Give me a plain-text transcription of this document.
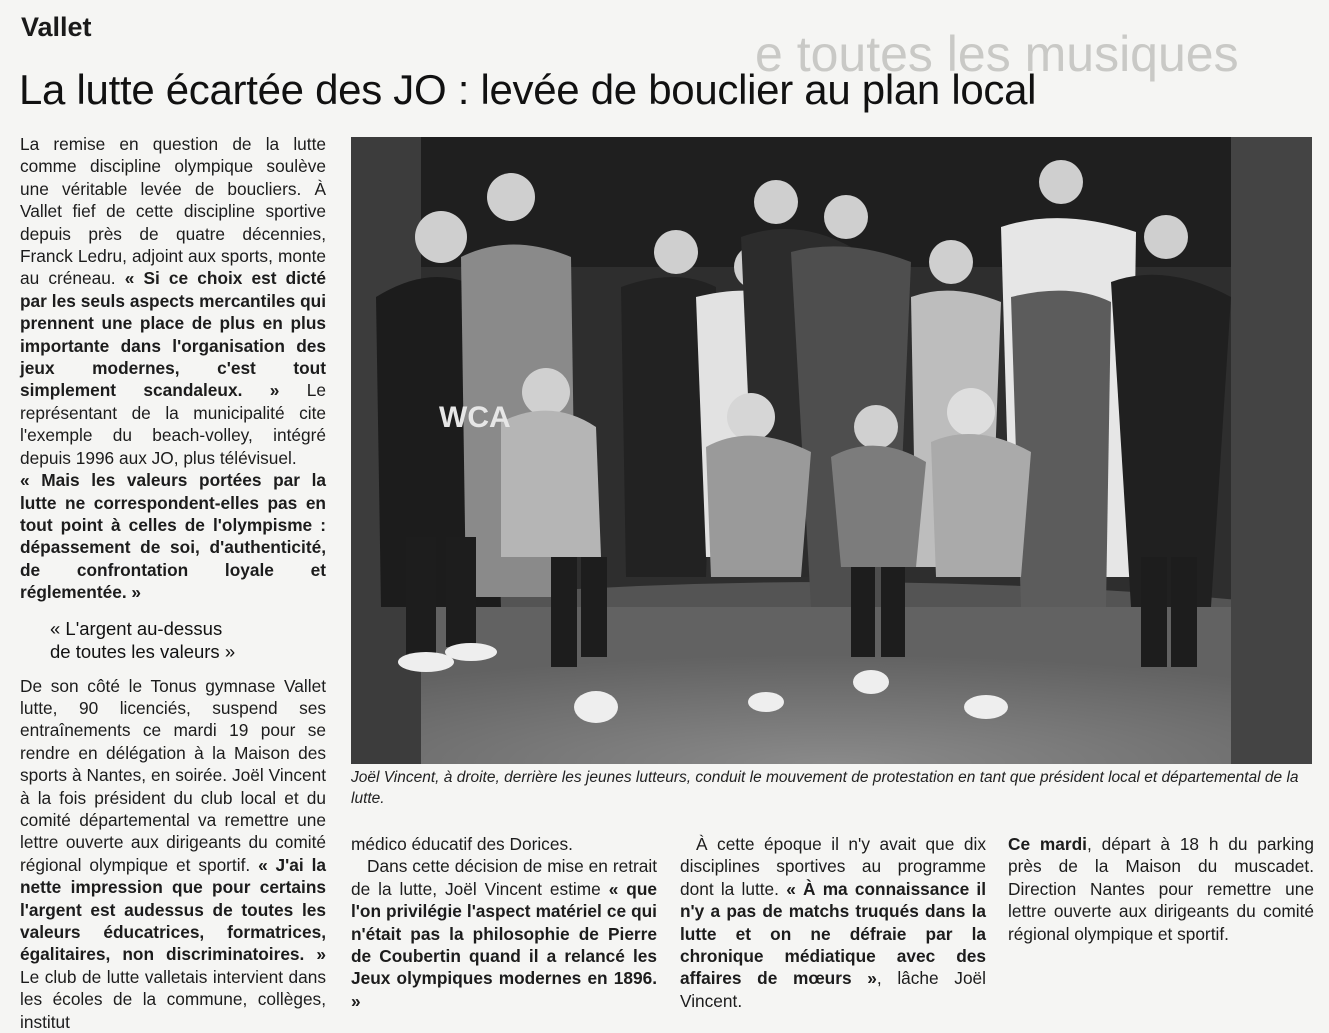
e toutes les musiques
Vallet
La lutte écartée des JO : levée de bouclier au plan local

La remise en question de la lutte comme discipline olympique soulève une véritable levée de boucliers. À Vallet fief de cette discipline sportive depuis près de quatre décennies, Franck Ledru, adjoint aux sports, monte au créneau. « Si ce choix est dicté par les seuls aspects mercantiles qui prennent une place de plus en plus importante dans l'organisation des jeux modernes, c'est tout simplement scandaleux. » Le représentant de la municipalité cite l'exemple du beach-volley, intégré depuis 1996 aux JO, plus télévisuel.

« Mais les valeurs portées par la lutte ne correspondent-elles pas en tout point à celles de l'olympisme : dépassement de soi, d'authenticité, de confrontation loyale et réglementée. »

« L'argent au-dessus
de toutes les valeurs »

De son côté le Tonus gymnase Vallet lutte, 90 licenciés, suspend ses entraînements ce mardi 19 pour se rendre en délégation à la Maison des sports à Nantes, en soirée. Joël Vincent à la fois président du club local et du comité départemental va remettre une lettre ouverte aux dirigeants du comité régional olympique et sportif. « J'ai la nette impression que pour certains l'argent est audessus de toutes les valeurs éducatrices, formatrices, égalitaires, non discriminatoires. » Le club de lutte valletais intervient dans les écoles de la commune, collèges, institut

WCA
Joël Vincent, à droite, derrière les jeunes lutteurs, conduit le mouvement de protestation en tant que président local et départemental de la lutte.

médico éducatif des Dorices.

Dans cette décision de mise en retrait de la lutte, Joël Vincent estime « que l'on privilégie l'aspect matériel ce qui n'était pas la philosophie de Pierre de Coubertin quand il a relancé les Jeux olympiques modernes en 1896. »

À cette époque il n'y avait que dix disciplines sportives au programme dont la lutte. « À ma connaissance il n'y a pas de matchs truqués dans la lutte et on ne défraie par la chronique médiatique avec des affaires de mœurs », lâche Joël Vincent.

Ce mardi, départ à 18 h du parking près de la Maison du muscadet. Direction Nantes pour remettre une lettre ouverte aux dirigeants du comité régional olympique et sportif.
